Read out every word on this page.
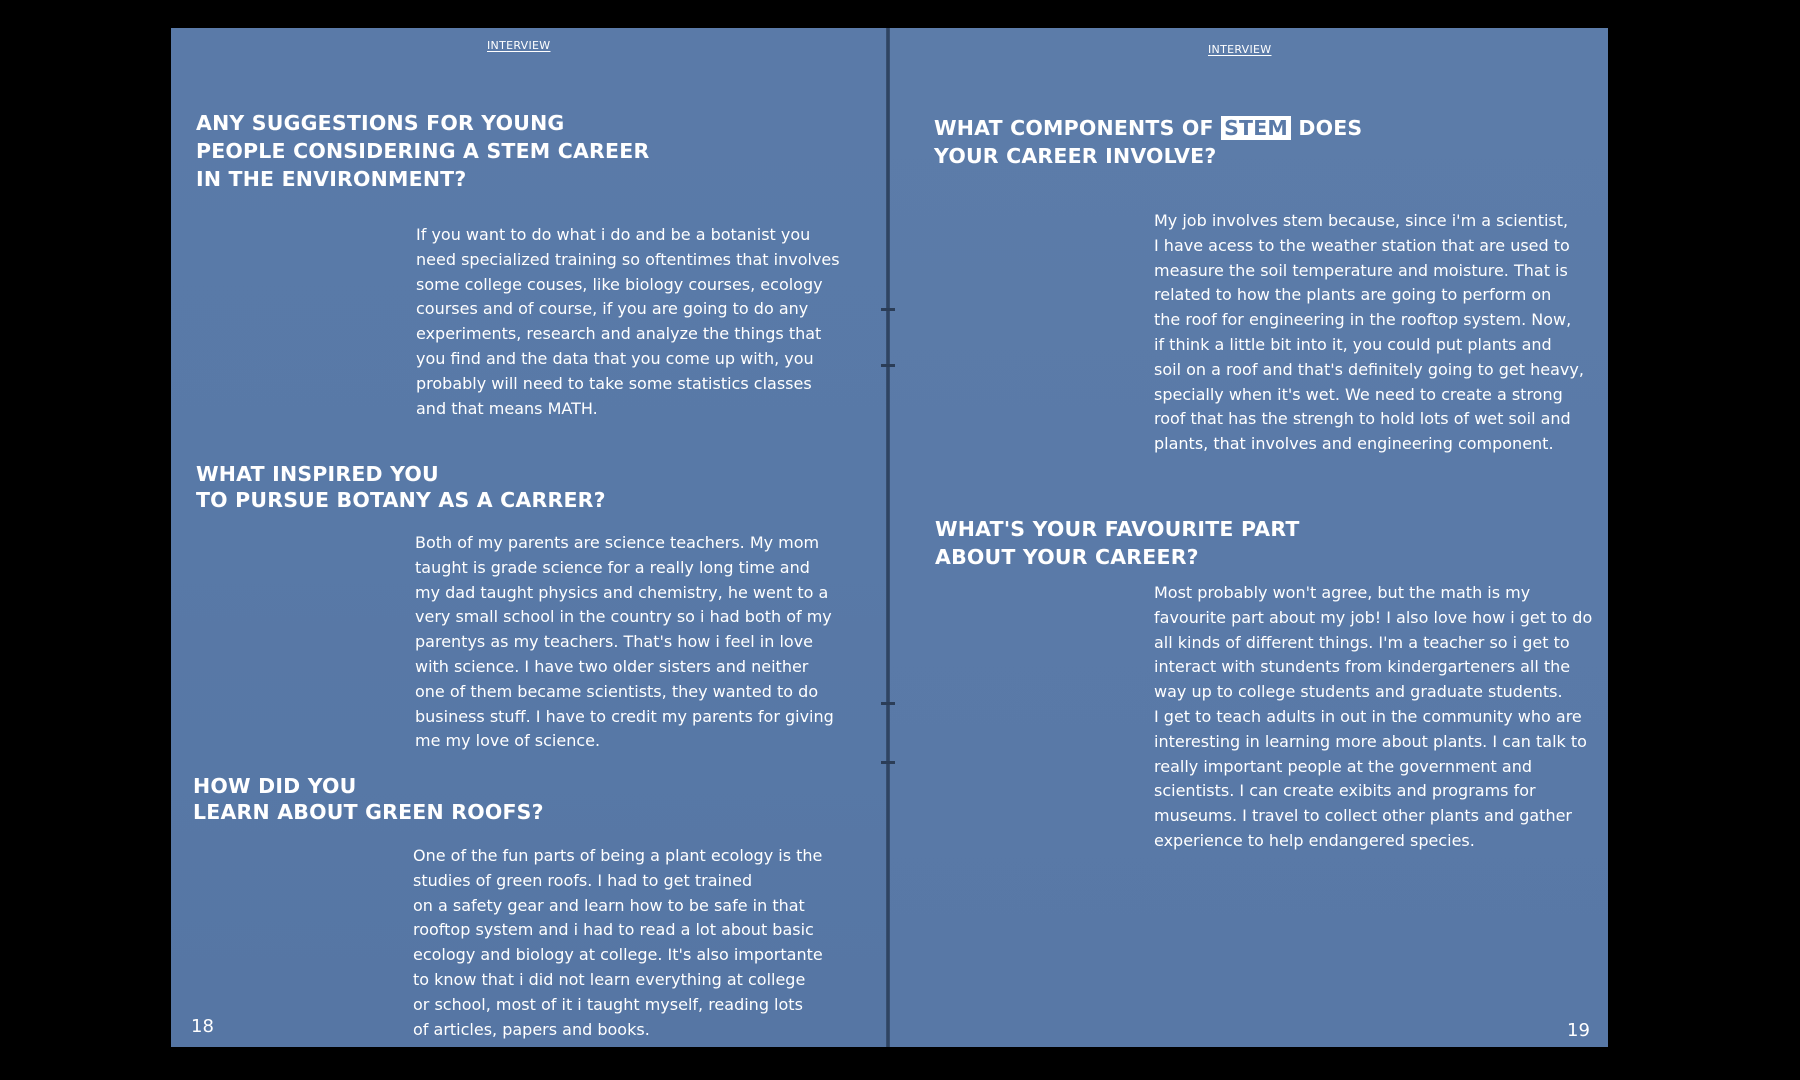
INTERVIEW
ANY SUGGESTIONS FOR YOUNG
PEOPLE CONSIDERING A STEM CAREER
IN THE ENVIRONMENT?

If you want to do what i do and be a botanist you
need specialized training so oftentimes that involves
some college couses, like biology courses, ecology
courses and of course, if you are going to do any
experiments, research and analyze the things that
you find and the data that you come up with, you
probably will need to take some statistics classes
and that means MATH.

WHAT INSPIRED YOU
TO PURSUE BOTANY AS A CARRER?

Both of my parents are science teachers. My mom
taught is grade science for a really long time and
my dad taught physics and chemistry, he went to a
very small school in the country so i had both of my
parentys as my teachers. That's how i feel in love
with science. I have two older sisters and neither
one of them became scientists, they wanted to do
business stuff. I have to credit my parents for giving
me my love of science.

HOW DID YOU
LEARN ABOUT GREEN ROOFS?

One of the fun parts of being a plant ecology is the
studies of green roofs. I had to get trained
on a safety gear and learn how to be safe in that
rooftop system and i had to read a lot about basic
ecology and biology at college. It's also importante
to know that i did not learn everything at college
or school, most of it i taught myself, reading lots
of articles, papers and books.

18
INTERVIEW
WHAT COMPONENTS OF STEM DOES
YOUR CAREER INVOLVE?

My job involves stem because, since i'm a scientist,
I have acess to the weather station that are used to
measure the soil temperature and moisture. That is
related to how the plants are going to perform on
the roof for engineering in the rooftop system. Now,
if think a little bit into it, you could put plants and
soil on a roof and that's definitely going to get heavy,
specially when it's wet. We need to create a strong
roof that has the strengh to hold lots of wet soil and
plants, that involves and engineering component.

WHAT'S YOUR FAVOURITE PART
ABOUT YOUR CAREER?

Most probably won't agree, but the math is my
favourite part about my job! I also love how i get to do
all kinds of different things. I'm a teacher so i get to
interact with stundents from kindergarteners all the
way up to college students and graduate students.
I get to teach adults in out in the community who are
interesting in learning more about plants. I can talk to
really important people at the government and
scientists. I can create exibits and programs for
museums. I travel to collect other plants and gather
experience to help endangered species.

19
